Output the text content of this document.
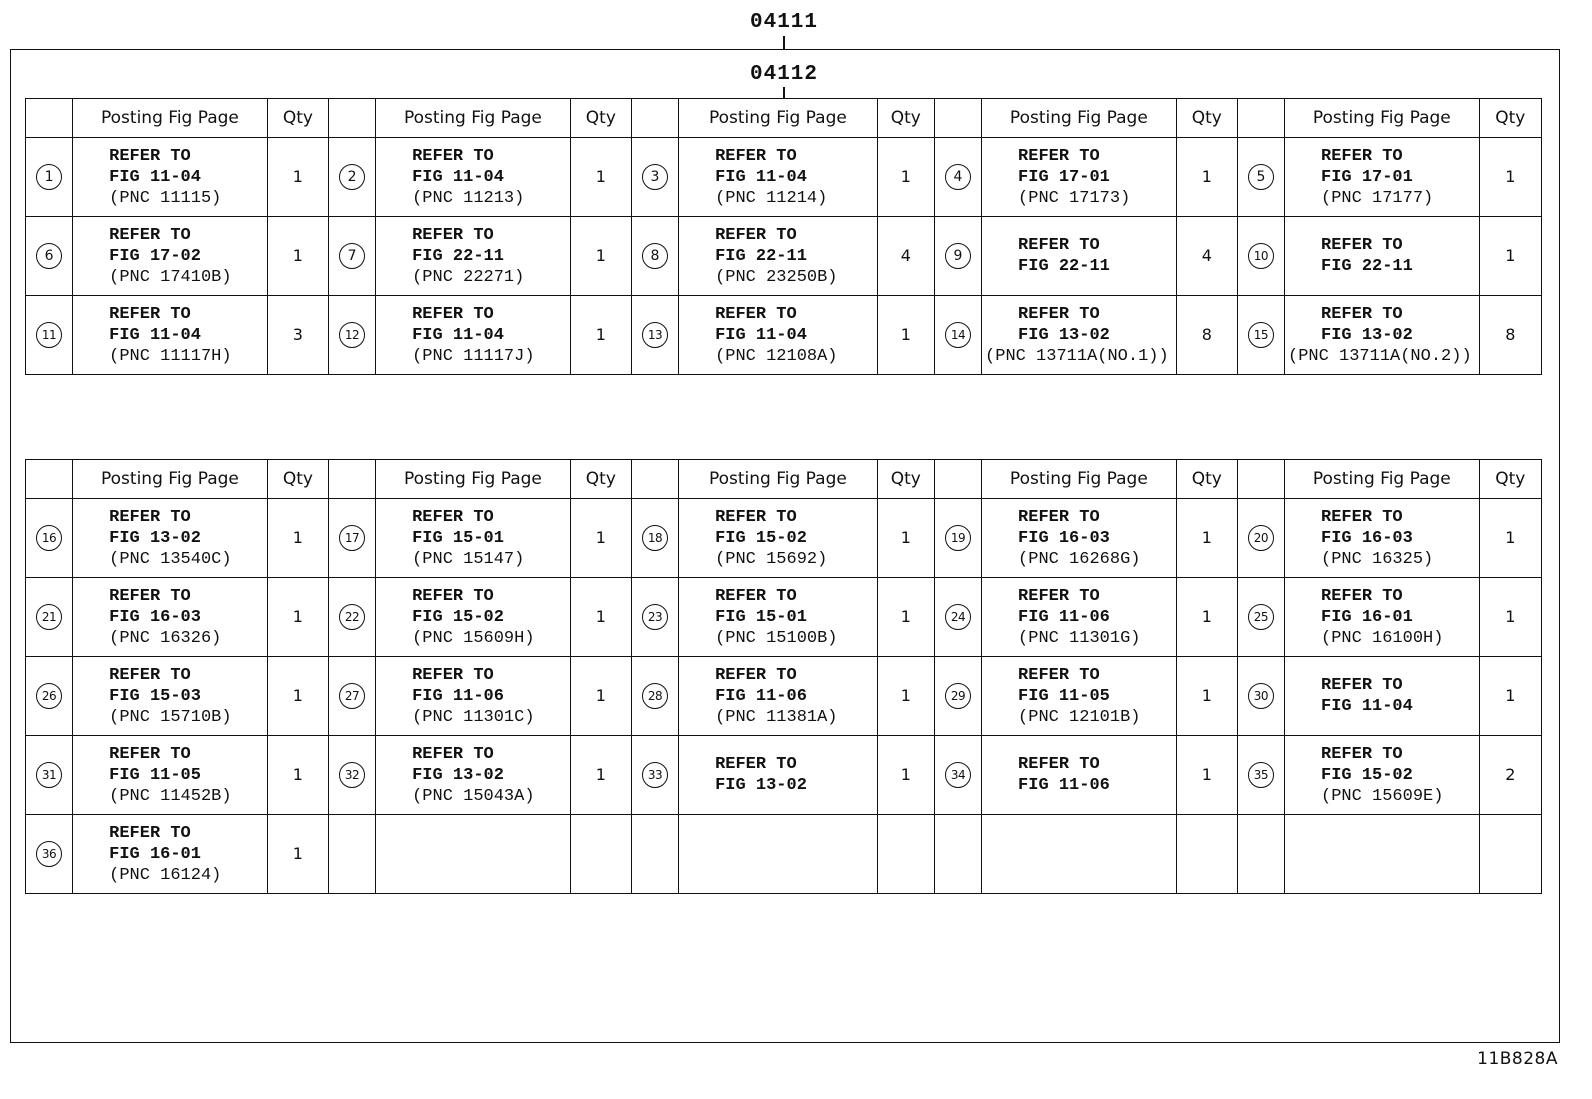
04111
04112
	Posting Fig Page	Qty		Posting Fig Page	Qty		Posting Fig Page	Qty		Posting Fig Page	Qty		Posting Fig Page	Qty
1	REFER TO
FIG 11-04
(PNC 11115)	1	2	REFER TO
FIG 11-04
(PNC 11213)	1	3	REFER TO
FIG 11-04
(PNC 11214)	1	4	REFER TO
FIG 17-01
(PNC 17173)	1	5	REFER TO
FIG 17-01
(PNC 17177)	1
6	REFER TO
FIG 17-02
(PNC 17410B)	1	7	REFER TO
FIG 22-11
(PNC 22271)	1	8	REFER TO
FIG 22-11
(PNC 23250B)	4	9	REFER TO
FIG 22-11	4	10	REFER TO
FIG 22-11	1
11	REFER TO
FIG 11-04
(PNC 11117H)	3	12	REFER TO
FIG 11-04
(PNC 11117J)	1	13	REFER TO
FIG 11-04
(PNC 12108A)	1	14	REFER TO
FIG 13-02
(PNC 13711A(NO.1))	8	15	REFER TO
FIG 13-02
(PNC 13711A(NO.2))	8
	Posting Fig Page	Qty		Posting Fig Page	Qty		Posting Fig Page	Qty		Posting Fig Page	Qty		Posting Fig Page	Qty
16	REFER TO
FIG 13-02
(PNC 13540C)	1	17	REFER TO
FIG 15-01
(PNC 15147)	1	18	REFER TO
FIG 15-02
(PNC 15692)	1	19	REFER TO
FIG 16-03
(PNC 16268G)	1	20	REFER TO
FIG 16-03
(PNC 16325)	1
21	REFER TO
FIG 16-03
(PNC 16326)	1	22	REFER TO
FIG 15-02
(PNC 15609H)	1	23	REFER TO
FIG 15-01
(PNC 15100B)	1	24	REFER TO
FIG 11-06
(PNC 11301G)	1	25	REFER TO
FIG 16-01
(PNC 16100H)	1
26	REFER TO
FIG 15-03
(PNC 15710B)	1	27	REFER TO
FIG 11-06
(PNC 11301C)	1	28	REFER TO
FIG 11-06
(PNC 11381A)	1	29	REFER TO
FIG 11-05
(PNC 12101B)	1	30	REFER TO
FIG 11-04	1
31	REFER TO
FIG 11-05
(PNC 11452B)	1	32	REFER TO
FIG 13-02
(PNC 15043A)	1	33	REFER TO
FIG 13-02	1	34	REFER TO
FIG 11-06	1	35	REFER TO
FIG 15-02
(PNC 15609E)	2
36	REFER TO
FIG 16-01
(PNC 16124)	1												
11B828A
